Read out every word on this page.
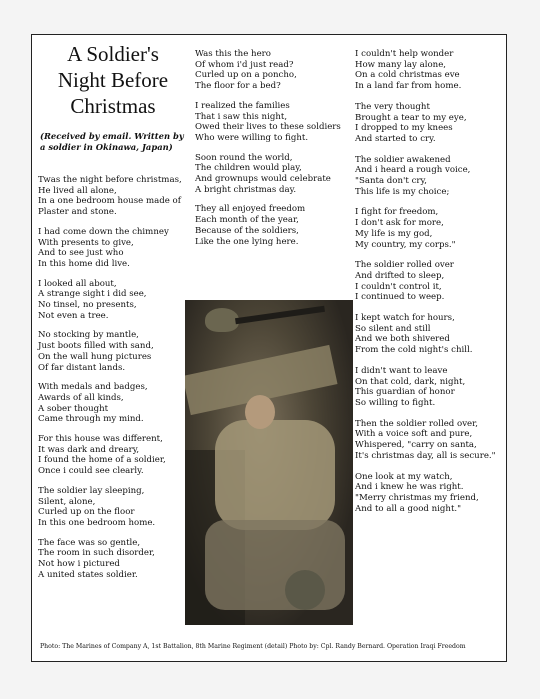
A Soldier's
Night Before
Christmas

(Received by email. Written by
a soldier in Okinawa, Japan)

Twas the night before christmas,
He lived all alone,
In a one bedroom house made of
Plaster and stone.

I had come down the chimney
With presents to give,
And to see just who
In this home did live.

I looked all about,
A strange sight i did see,
No tinsel, no presents,
Not even a tree.

No stocking by mantle,
Just boots filled with sand,
On the wall hung pictures
Of far distant lands.

With medals and badges,
Awards of all kinds,
A sober thought
Came through my mind.

For this house was different,
It was dark and dreary,
I found the home of a soldier,
Once i could see clearly.

The soldier lay sleeping,
Silent, alone,
Curled up on the floor
In this one bedroom home.

The face was so gentle,
The room in such disorder,
Not how i pictured
A united states soldier.

Was this the hero
Of whom i'd just read?
Curled up on a poncho,
The floor for a bed?

I realized the families
That i saw this night,
Owed their lives to these soldiers
Who were willing to fight.

Soon round the world,
The children would play,
And grownups would celebrate
A bright christmas day.

They all enjoyed freedom
Each month of the year,
Because of the soldiers,
Like the one lying here.

I couldn't help wonder
How many lay alone,
On a cold christmas eve
In a land far from home.

The very thought
Brought a tear to my eye,
I dropped to my knees
And started to cry.

The soldier awakened
And i heard a rough voice,
"Santa don't cry,
This life is my choice;

I fight for freedom,
I don't ask for more,
My life is my god,
My country, my corps."

The soldier rolled over
And drifted to sleep,
I couldn't control it,
I continued to weep.

I kept watch for hours,
So silent and still
And we both shivered
From the cold night's chill.

I didn't want to leave
On that cold, dark, night,
This guardian of honor
So willing to fight.

Then the soldier rolled over,
With a voice soft and pure,
Whispered, "carry on santa,
It's christmas day, all is secure."

One look at my watch,
And i knew he was right.
"Merry christmas my friend,
And to all a good night."

Photo: The Marines of Company A, 1st Battalion, 8th Marine Regiment (detail) Photo by: Cpl. Randy Bernard. Operation Iraqi Freedom
